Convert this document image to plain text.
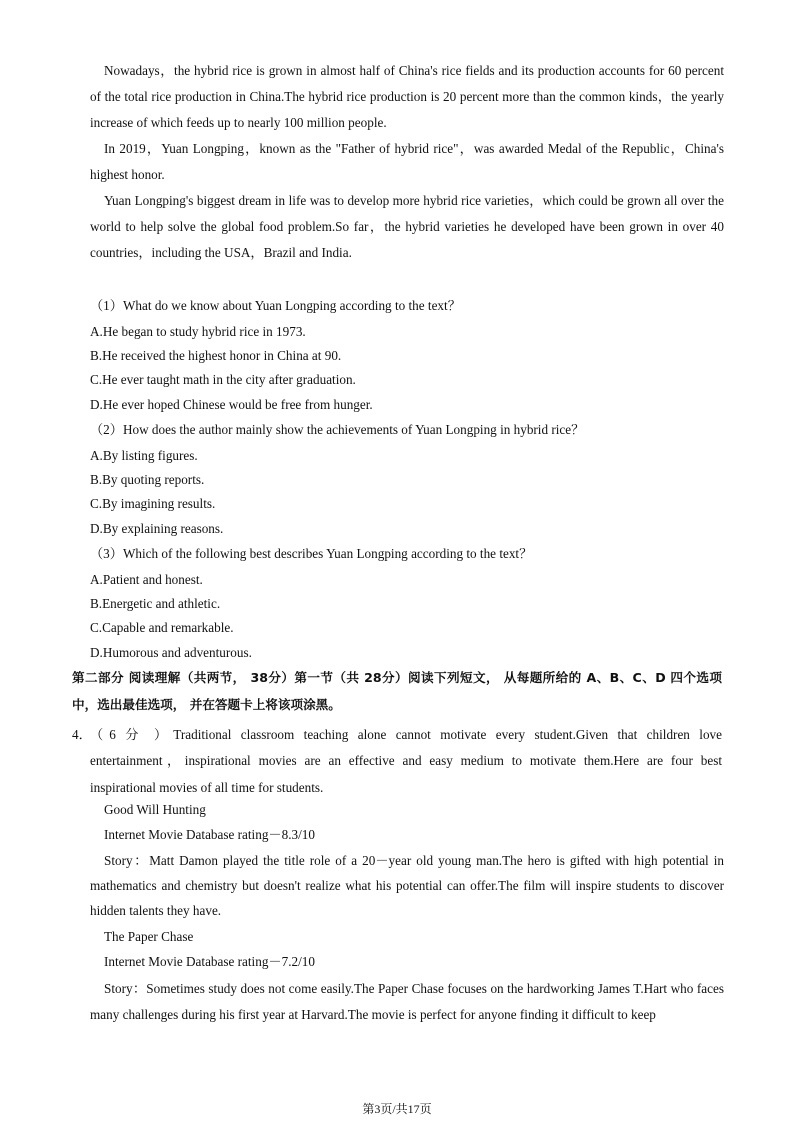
Nowadays，the hybrid rice is grown in almost half of China's rice fields and its production accounts for 60 percent of the total rice production in China.The hybrid rice production is 20 percent more than the common kinds，the yearly increase of which feeds up to nearly 100 million people.
In 2019，Yuan Longping，known as the "Father of hybrid rice"，was awarded Medal of the Republic，China's highest honor.
Yuan Longping's biggest dream in life was to develop more hybrid rice varieties，which could be grown all over the world to help solve the global food problem.So far，the hybrid varieties he developed have been grown in over 40 countries，including the USA，Brazil and India.
（1）What do we know about Yuan Longping according to the text？
A.He began to study hybrid rice in 1973.
B.He received the highest honor in China at 90.
C.He ever taught math in the city after graduation.
D.He ever hoped Chinese would be free from hunger.
（2）How does the author mainly show the achievements of Yuan Longping in hybrid rice？
A.By listing figures.
B.By quoting reports.
C.By imagining results.
D.By explaining reasons.
（3）Which of the following best describes Yuan Longping according to the text？
A.Patient and honest.
B.Energetic and athletic.
C.Capable and remarkable.
D.Humorous and adventurous.
第二部分 阅读理解（共两节， 38分）第一节（共 28分）阅读下列短文， 从每题所给的 A、B、C、D 四个选项中，选出最佳选项， 并在答题卡上将该项涂黑。
4．
（6 分 ）Traditional classroom teaching alone cannot motivate every student.Given that children love
entertainment，inspirational movies are an effective and easy medium to motivate them.Here are four best inspirational movies of all time for students.
Good Will Hunting
Internet Movie Database rating－8.3/10
Story：Matt Damon played the title role of a 20－year old young man.The hero is gifted with high potential in mathematics and chemistry but doesn't realize what his potential can offer.The film will inspire students to discover hidden talents they have.
The Paper Chase
Internet Movie Database rating－7.2/10
Story：Sometimes study does not come easily.The Paper Chase focuses on the hardworking James T.Hart who faces many challenges during his first year at Harvard.The movie is perfect for anyone finding it difficult to keep
第3页/共17页
